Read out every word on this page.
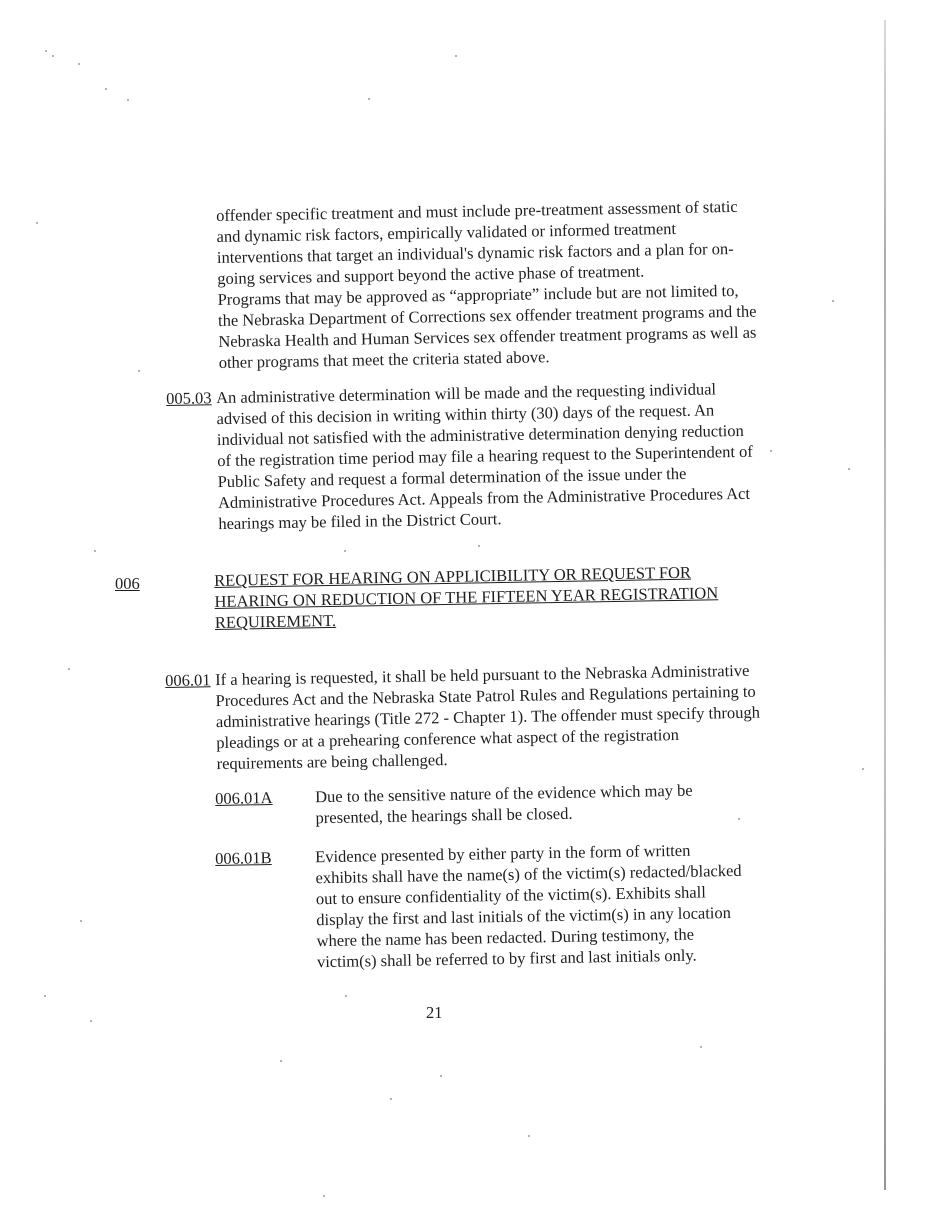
offender specific treatment and must include pre-treatment assessment of static and dynamic risk factors, empirically validated or informed treatment interventions that target an individual's dynamic risk factors and a plan for on-going services and support beyond the active phase of treatment.

Programs that may be approved as “appropriate” include but are not limited to, the Nebraska Department of Corrections sex offender treatment programs and the Nebraska Health and Human Services sex offender treatment programs as well as other programs that meet the criteria stated above.

005.03 An administrative determination will be made and the requesting individual advised of this decision in writing within thirty (30) days of the request. An individual not satisfied with the administrative determination denying reduction of the registration time period may file a hearing request to the Superintendent of Public Safety and request a formal determination of the issue under the Administrative Procedures Act. Appeals from the Administrative Procedures Act hearings may be filed in the District Court.
006	REQUEST FOR HEARING ON APPLICIBILITY OR REQUEST FOR HEARING ON REDUCTION OF THE FIFTEEN YEAR REGISTRATION REQUIREMENT.
006.01 If a hearing is requested, it shall be held pursuant to the Nebraska Administrative Procedures Act and the Nebraska State Patrol Rules and Regulations pertaining to administrative hearings (Title 272 - Chapter 1). The offender must specify through pleadings or at a prehearing conference what aspect of the registration requirements are being challenged.
006.01A	Due to the sensitive nature of the evidence which may be presented, the hearings shall be closed.
006.01B	Evidence presented by either party in the form of written exhibits shall have the name(s) of the victim(s) redacted/blacked out to ensure confidentiality of the victim(s). Exhibits shall display the first and last initials of the victim(s) in any location where the name has been redacted. During testimony, the victim(s) shall be referred to by first and last initials only.
21
